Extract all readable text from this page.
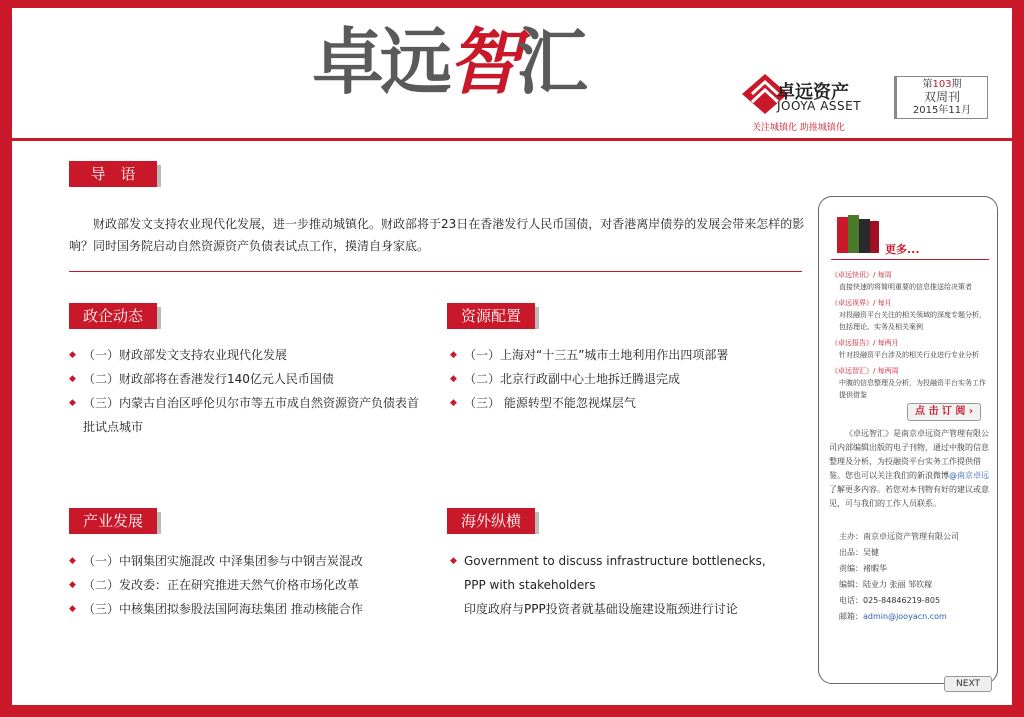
卓远智汇	卓远资产
JOOYA ASSET
关注城镇化 助推城镇化
第103期
双周刊
2015年11月
导　语
财政部发文支持农业现代化发展，进一步推动城镇化。财政部将于23日在香港发行人民币国债，对香港离岸债券的发展会带来怎样的影响？同时国务院启动自然资源资产负债表试点工作，摸清自身家底。
政企动态
◆ （一）财政部发文支持农业现代化发展
◆ （二）财政部将在香港发行140亿元人民币国债
◆ （三）内蒙古自治区呼伦贝尔市等五市成自然资源资产负债表首批试点城市
资源配置
◆ （一）上海对“十三五”城市土地利用作出四项部署
◆ （二）北京行政副中心土地拆迁腾退完成
◆ （三） 能源转型不能忽视煤层气
产业发展
◆ （一）中钢集团实施混改 中泽集团参与中钢吉炭混改
◆ （二）发改委：正在研究推进天然气价格市场化改革
◆ （三）中核集团拟参股法国阿海珐集团 推动核能合作
海外纵横
◆ Government to discuss infrastructure bottlenecks, PPP with stakeholders
印度政府与PPP投资者就基础设施建设瓶颈进行讨论
更多...
《卓远快讯》/ 每周
直接快速的将简明重要的信息推送给决策者
《卓远视界》/ 每月
对投融资平台关注的相关领域的深度专题分析，包括理论、实务及相关案例
《卓远报告》/ 每两月
针对投融资平台涉及的相关行业进行专业分析
《卓远智汇》/ 每两周
中腹的信息整理及分析，为投融资平台实务工作提供借鉴
点 击 订 阅 ›
《卓远智汇》是南京卓远资产管理有限公司内部编辑出版的电子刊物，通过中腹的信息整理及分析，为投融资平台实务工作提供借鉴。您也可以关注我们的新浪微博@南京卓远了解更多内容。若您对本刊物有好的建议或意见，可与我们的工作人员联系。
主办：南京卓远资产管理有限公司
出品：吴健
责编：褚暇华
编辑：陆业力 张丽 邹钦稼
电话：025-84846219-805
邮箱：admin@jooyacn.com
NEXT
